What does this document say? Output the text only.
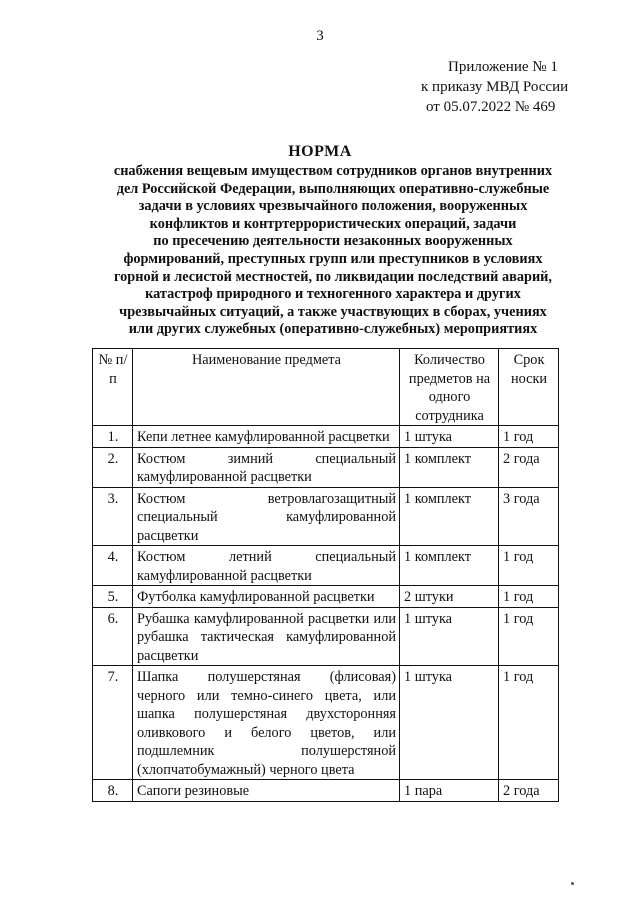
3
Приложение № 1
к приказу МВД России
от 05.07.2022 № 469
НОРМА
снабжения вещевым имуществом сотрудников органов внутренних
дел Российской Федерации, выполняющих оперативно-служебные
задачи в условиях чрезвычайного положения, вооруженных
конфликтов и контртеррористических операций, задачи
по пресечению деятельности незаконных вооруженных
формирований, преступных групп или преступников в условиях
горной и лесистой местностей, по ликвидации последствий аварий,
катастроф природного и техногенного характера и других
чрезвычайных ситуаций, а также участвующих в сборах, учениях
или других служебных (оперативно-служебных) мероприятиях
№ п/п	Наименование предмета	Количество предметов на одного сотрудника	Срок носки
1.	Кепи летнее камуфлированной расцветки	1 штука	1 год
2.	Костюм зимний специальный камуфлированной расцветки	1 комплект	2 года
3.	Костюм ветровлагозащитный специальный камуфлированной расцветки	1 комплект	3 года
4.	Костюм летний специальный камуфлированной расцветки	1 комплект	1 год
5.	Футболка камуфлированной расцветки	2 штуки	1 год
6.	Рубашка камуфлированной расцветки или рубашка тактическая камуфлированной расцветки	1 штука	1 год
7.	Шапка полушерстяная (флисовая) черного или темно-синего цвета, или шапка полушерстяная двухсторонняя оливкового и белого цветов, или подшлемник полушерстяной (хлопчатобумажный) черного цвета	1 штука	1 год
8.	Сапоги резиновые	1 пара	2 года
